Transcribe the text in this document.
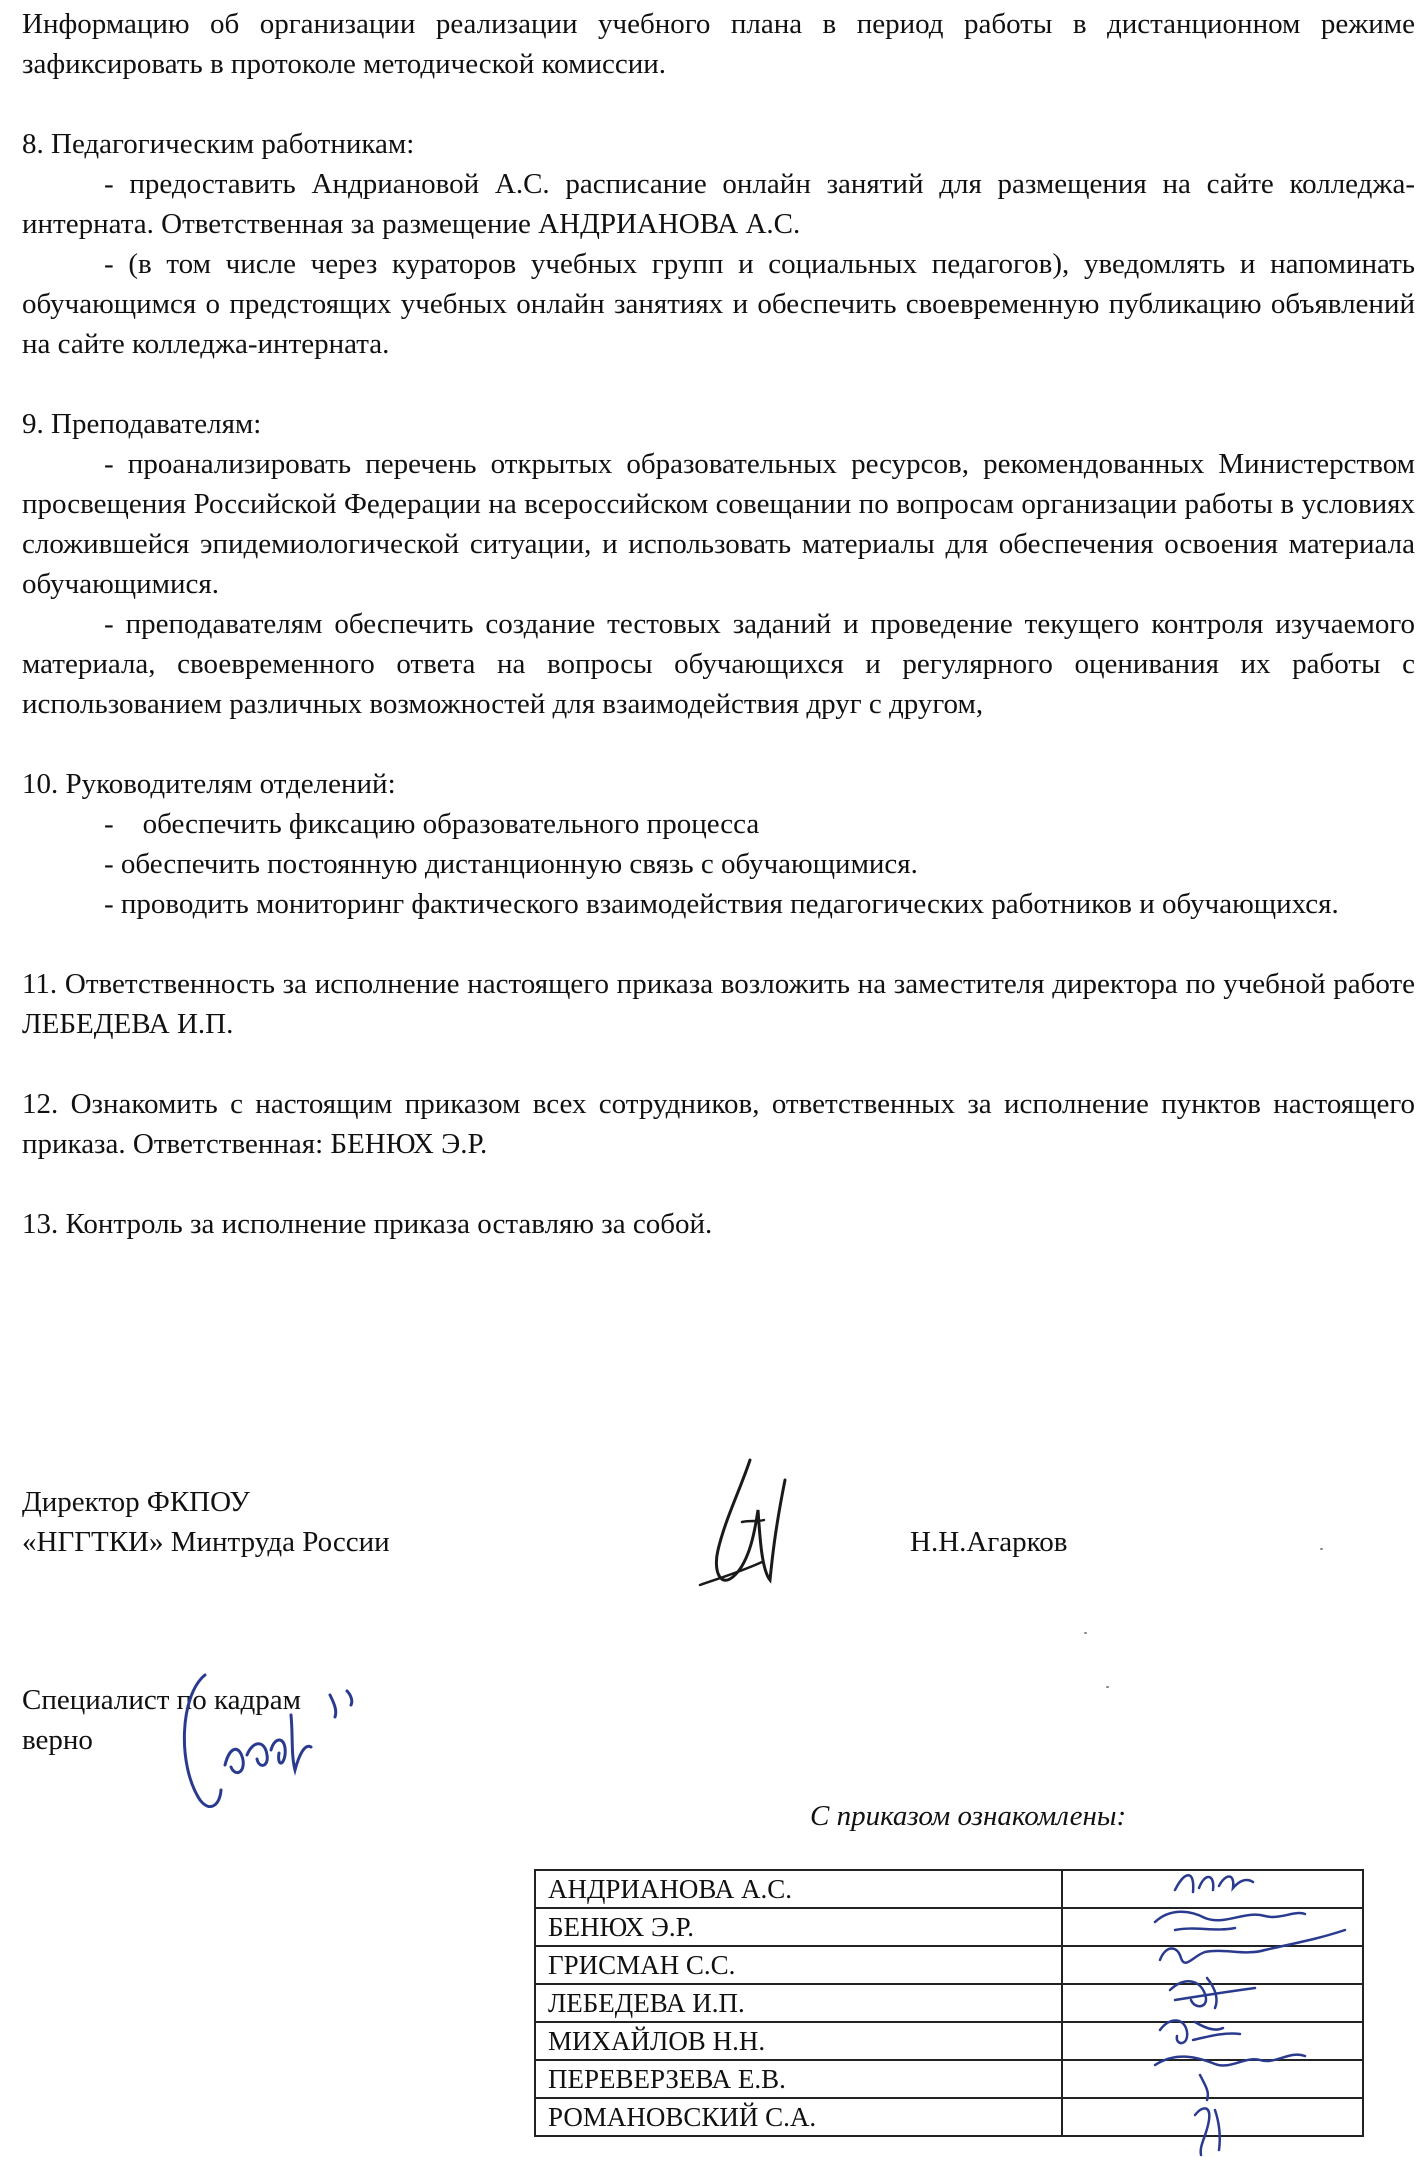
Информацию об организации реализации учебного плана в период работы в дистанционном режиме зафиксировать в протоколе методической комиссии.

8. Педагогическим работникам:

- предоставить Андриановой А.С. расписание онлайн занятий для размещения на сайте колледжа-интерната. Ответственная за размещение АНДРИАНОВА А.С.

- (в том числе через кураторов учебных групп и социальных педагогов), уведомлять и напоминать обучающимся о предстоящих учебных онлайн занятиях и обеспечить своевременную публикацию объявлений на сайте колледжа-интерната.

9. Преподавателям:

- проанализировать перечень открытых образовательных ресурсов, рекомендованных Министерством просвещения Российской Федерации на всероссийском совещании по вопросам организации работы в условиях сложившейся эпидемиологической ситуации, и использовать материалы для обеспечения освоения материала обучающимися.

- преподавателям обеспечить создание тестовых заданий и проведение текущего контроля изучаемого материала, своевременного ответа на вопросы обучающихся и регулярного оценивания их работы с использованием различных возможностей для взаимодействия друг с другом,

10. Руководителям отделений:

-    обеспечить фиксацию образовательного процесса

- обеспечить постоянную дистанционную связь с обучающимися.

- проводить мониторинг фактического взаимодействия педагогических работников и обучающихся.

11. Ответственность за исполнение настоящего приказа возложить на заместителя директора по учебной работе ЛЕБЕДЕВА И.П.

12. Ознакомить с настоящим приказом всех сотрудников, ответственных за исполнение пунктов настоящего приказа. Ответственная: БЕНЮХ Э.Р.

13. Контроль за исполнение приказа оставляю за собой.

Директор ФКПОУ
«НГГТКИ» Минтруда России	Н.Н.Агарков
Специалист по кадрам
верно
С приказом ознакомлены:
АНДРИАНОВА А.С.	
БЕНЮХ Э.Р.	
ГРИСМАН С.С.	
ЛЕБЕДЕВА И.П.	
МИХАЙЛОВ Н.Н.	
ПЕРЕВЕРЗЕВА Е.В.	
РОМАНОВСКИЙ С.А.	
